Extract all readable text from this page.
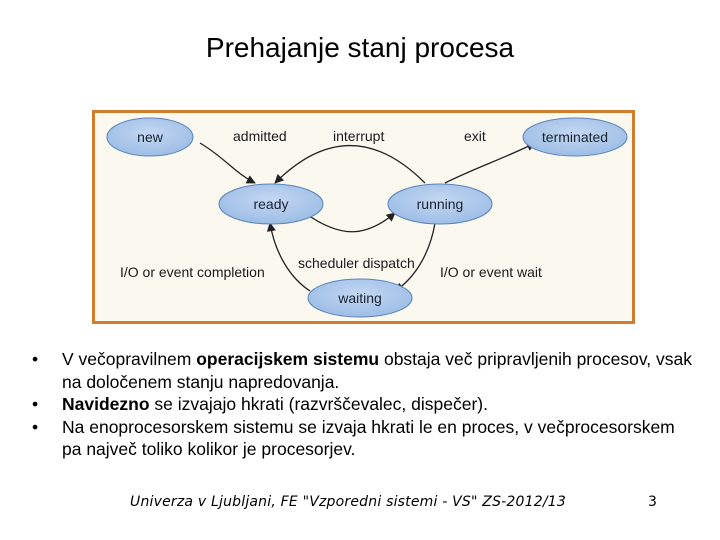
Prehajanje stanj procesa
new	terminated
ready	running
waiting
admitted	interrupt	exit
scheduler dispatch
I/O or event completion	I/O or event wait
• V večopravilnem operacijskem sistemu obstaja več pripravljenih procesov, vsak na določenem stanju napredovanja.
• Navidezno se izvajajo hkrati (razvrščevalec, dispečer).
• Na enoprocesorskem sistemu se izvaja hkrati le en proces, v večprocesorskem pa največ toliko kolikor je procesorjev.
Univerza v Ljubljani, FE "Vzporedni sistemi - VS" ZS-2012/13	3
